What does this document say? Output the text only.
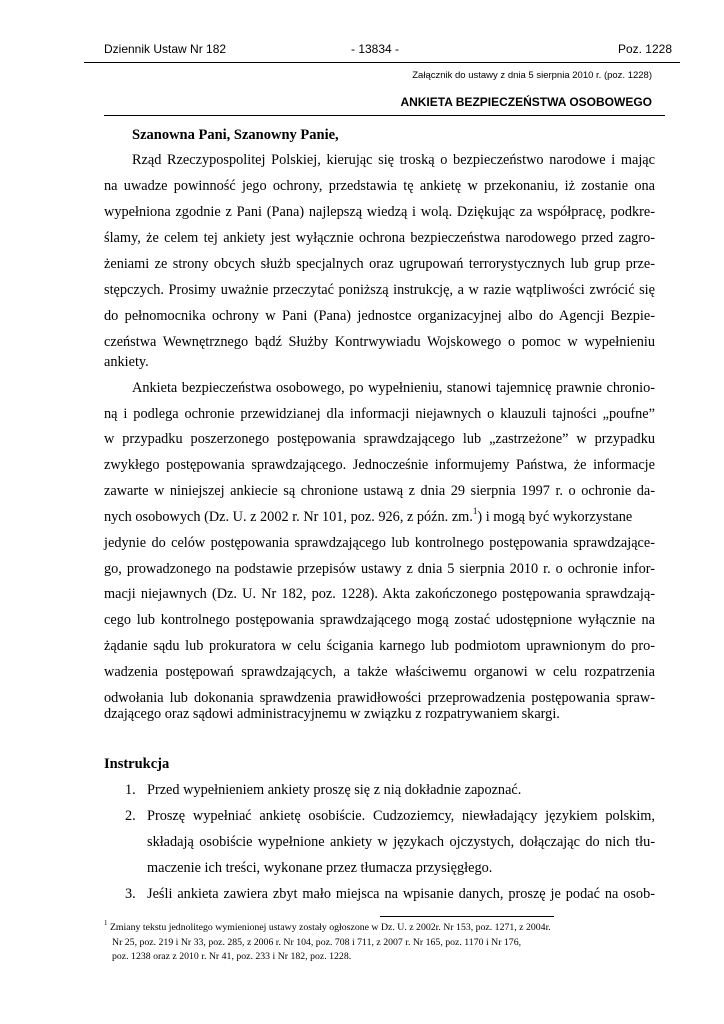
Dziennik Ustaw Nr 182	- 13834 -	Poz. 1228
Załącznik do ustawy z dnia 5 sierpnia 2010 r. (poz. 1228)
ANKIETA BEZPIECZEŃSTWA OSOBOWEGO
Szanowna Pani, Szanowny Panie,
Rząd Rzeczypospolitej Polskiej, kierując się troską o bezpieczeństwo narodowe i mając
na uwadze powinność jego ochrony, przedstawia tę ankietę w przekonaniu, iż zostanie ona
wypełniona zgodnie z Pani (Pana) najlepszą wiedzą i wolą. Dziękując za współpracę, podkre-
ślamy, że celem tej ankiety jest wyłącznie ochrona bezpieczeństwa narodowego przed zagro-
żeniami ze strony obcych służb specjalnych oraz ugrupowań terrorystycznych lub grup prze-
stępczych. Prosimy uważnie przeczytać poniższą instrukcję, a w razie wątpliwości zwrócić się
do pełnomocnika ochrony w Pani (Pana) jednostce organizacyjnej albo do Agencji Bezpie-
czeństwa Wewnętrznego bądź Służby Kontrwywiadu Wojskowego o pomoc w wypełnieniu
ankiety.
Ankieta bezpieczeństwa osobowego, po wypełnieniu, stanowi tajemnicę prawnie chronio-
ną i podlega ochronie przewidzianej dla informacji niejawnych o klauzuli tajności „poufne”
w przypadku poszerzonego postępowania sprawdzającego lub „zastrzeżone” w przypadku
zwykłego postępowania sprawdzającego. Jednocześnie informujemy Państwa, że informacje
zawarte w niniejszej ankiecie są chronione ustawą z dnia 29 sierpnia 1997 r. o ochronie da-
nych osobowych (Dz. U. z 2002 r. Nr 101, poz. 926, z późn. zm.$^1$) i mogą być wykorzystane
jedynie do celów postępowania sprawdzającego lub kontrolnego postępowania sprawdzające-
go, prowadzonego na podstawie przepisów ustawy z dnia 5 sierpnia 2010 r. o ochronie infor-
macji niejawnych (Dz. U. Nr 182, poz. 1228). Akta zakończonego postępowania sprawdzają-
cego lub kontrolnego postępowania sprawdzającego mogą zostać udostępnione wyłącznie na
żądanie sądu lub prokuratora w celu ścigania karnego lub podmiotom uprawnionym do pro-
wadzenia postępowań sprawdzających, a także właściwemu organowi w celu rozpatrzenia
odwołania lub dokonania sprawdzenia prawidłowości przeprowadzenia postępowania spraw-
dzającego oraz sądowi administracyjnemu w związku z rozpatrywaniem skargi.
Instrukcja
1. Przed wypełnieniem ankiety proszę się z nią dokładnie zapoznać.
2. Proszę wypełniać ankietę osobiście. Cudzoziemcy, niewładający językiem polskim,
składają osobiście wypełnione ankiety w językach ojczystych, dołączając do nich tłu-
maczenie ich treści, wykonane przez tłumacza przysięgłego.
3. Jeśli ankieta zawiera zbyt mało miejsca na wpisanie danych, proszę je podać na osob-
$^1$ Zmiany tekstu jednolitego wymienionej ustawy zostały ogłoszone w Dz. U. z 2002r. Nr 153, poz. 1271, z 2004r.
Nr 25, poz. 219 i Nr 33, poz. 285, z 2006 r. Nr 104, poz. 708 i 711, z 2007 r. Nr 165, poz. 1170 i Nr 176,
poz. 1238 oraz z 2010 r. Nr 41, poz. 233 i Nr 182, poz. 1228.
